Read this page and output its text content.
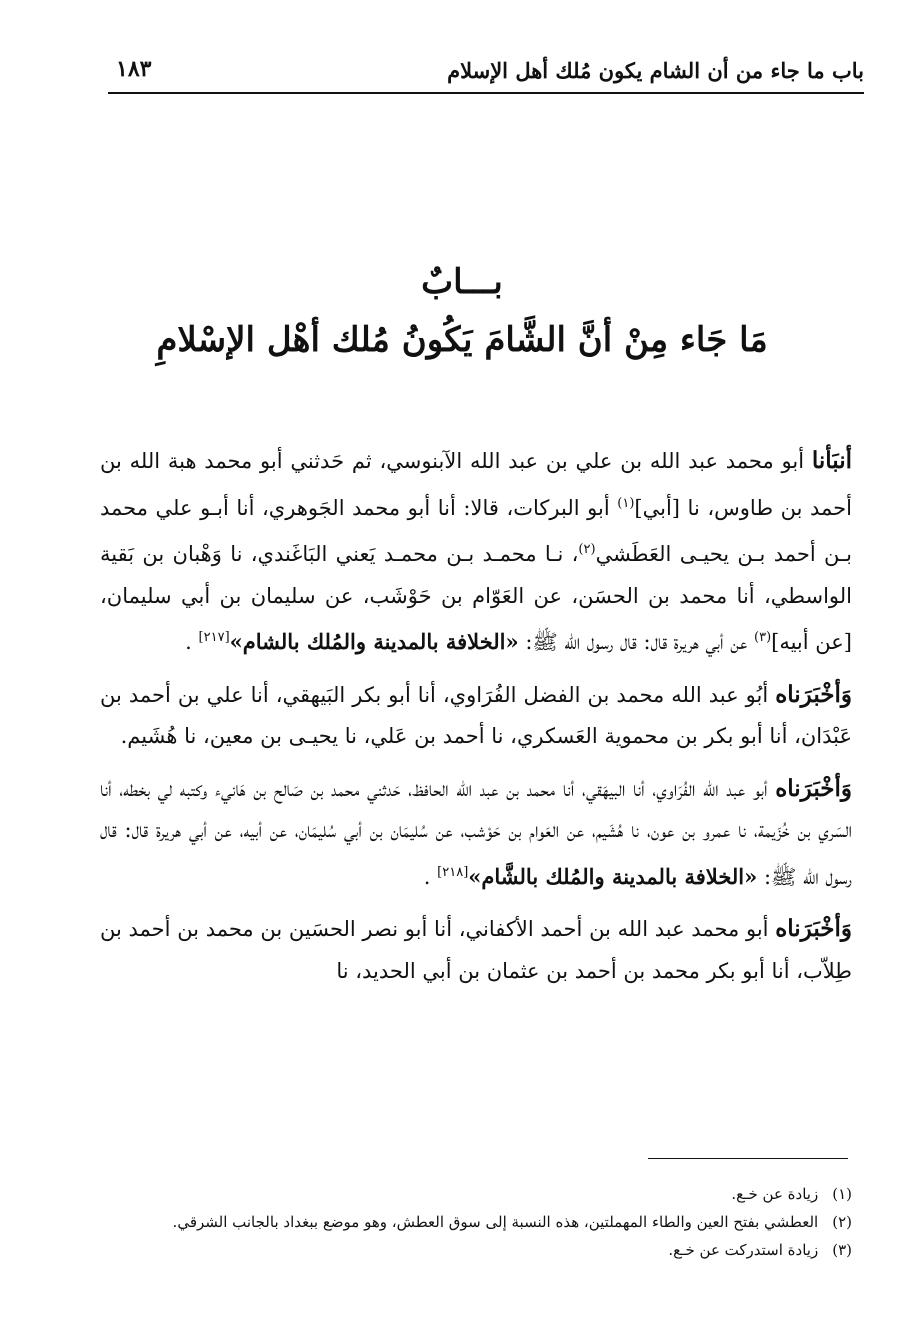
باب ما جاء من أن الشام يكون مُلك أهل الإسلام
١٨٣
بـــابٌ
مَا جَاء مِنْ أنَّ الشَّامَ يَكُونُ مُلك أهْل الإسْلامِ

أنبَأنا أبو محمد عبد الله بن علي بن عبد الله الآبنوسي، ثم حَدثني أبو محمد هبة الله بن أحمد بن طاوس، نا [أبي]$^{(١)}$ أبو البركات، قالا: أنا أبو محمد الجَوهري، أنا أبـو علي محمد بـن أحمد بـن يحيـى العَطَشي$^{(٢)}$، نـا محمـد بـن محمـد يَعني البَاغَندي، نا وَهْبان بن بَقية الواسطي، أنا محمد بن الحسَن، عن العَوّام بن حَوْشَب، عن سليمان بن أبي سليمان، [عن أبيه]$^{(٣)}$ عن أبي هريرة قال: قال رسول الله ﷺ: «الخلافة بالمدينة والمُلك بالشام»[٢١٧] .

وَأخْبَرَناه أبُو عبد الله محمد بن الفضل الفُرَاوي، أنا أبو بكر البَيهقي، أنا علي بن أحمد بن عَبْدَان، أنا أبو بكر بن محموية العَسكري، نا أحمد بن عَلي، نا يحيـى بن معين، نا هُشَيم.

وَأخْبَرَناه أبو عبد الله الفُرَاوي، أنا البيهَقي، أنا محمد بن عبد الله الحافظ، حَدثني محمد بن صَالح بن هَانيء وكتبه لي بخطه، أنا السَري بن خُزَيمة، نا عمرو بن عون، نا هُشَيم، عن العَوام بن حَوْشب، عن سُليمَان بن أبي سُليمَان، عن أبيه، عن أبي هريرة قال: قال رسول الله ﷺ: «الخلافة بالمدينة والمُلك بالشَّام»[٢١٨] .

وَأخْبَرَناه أبو محمد عبد الله بن أحمد الأكفاني، أنا أبو نصر الحسَين بن محمد بن أحمد بن طِلاّب، أنا أبو بكر محمد بن أحمد بن عثمان بن أبي الحديد، نا

(١)زيادة عن خـع.
(٢)العطشي بفتح العين والطاء المهملتين، هذه النسبة إلى سوق العطش، وهو موضع ببغداد بالجانب الشرقي.
(٣)زيادة استدركت عن خـع.
